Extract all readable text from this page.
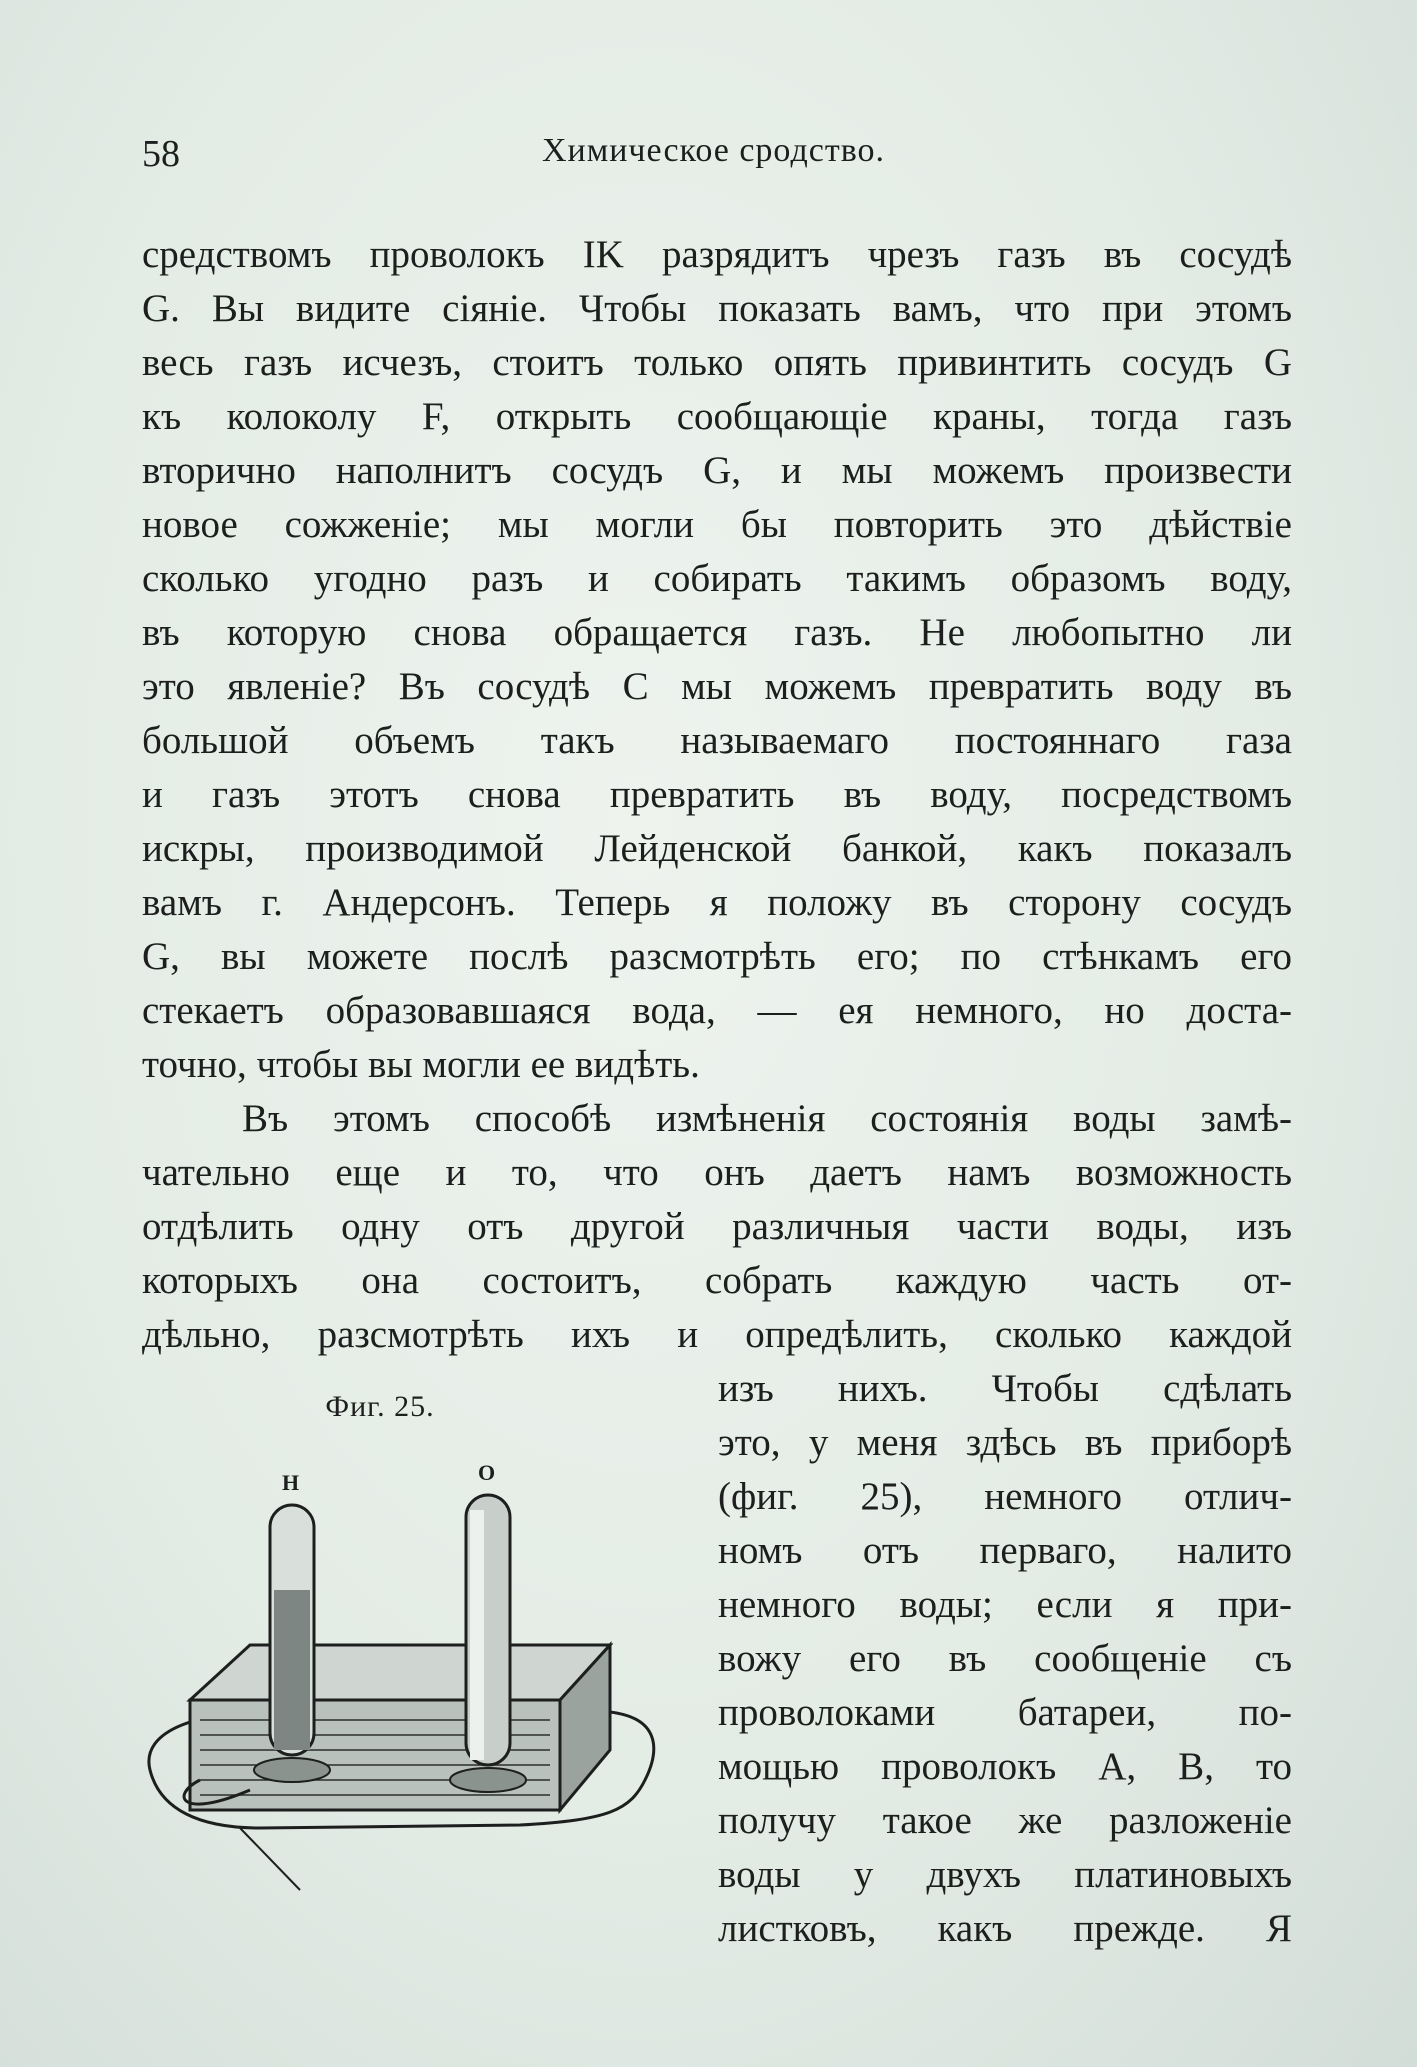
58	Химическое сродство.
средствомъ проволокъ IK разрядитъ чрезъ газъ въ сосудѣ
G. Вы видите сіяніе. Чтобы показать вамъ, что при этомъ
весь газъ исчезъ, стоитъ только опять привинтить сосудъ G
къ колоколу F, открыть сообщающіе краны, тогда газъ
вторично наполнитъ сосудъ G, и мы можемъ произвести
новое сожженіе; мы могли бы повторить это дѣйствіе
сколько угодно разъ и собирать такимъ образомъ воду,
въ которую снова обращается газъ. Не любопытно ли
это явленіе? Въ сосудѣ C мы можемъ превратить воду въ
большой объемъ такъ называемаго постояннаго газа
и газъ этотъ снова превратить въ воду, посредствомъ
искры, производимой Лейденской банкой, какъ показалъ
вамъ г. Андерсонъ. Теперь я положу въ сторону сосудъ
G, вы можете послѣ разсмотрѣть его; по стѣнкамъ его
стекаетъ образовавшаяся вода, — ея немного, но доста-
точно, чтобы вы могли ее видѣть.
Въ этомъ способѣ измѣненія состоянія воды замѣ-
чательно еще и то, что онъ даетъ намъ возможность
отдѣлить одну отъ другой различныя части воды, изъ
которыхъ она состоитъ, собрать каждую часть от-
дѣльно, разсмотрѣть ихъ и опредѣлить, сколько каждой
изъ нихъ. Чтобы сдѣлать
это, у меня здѣсь въ приборѣ
(фиг. 25), немного отлич-
номъ отъ перваго, налито
немного воды; если я при-
вожу его въ сообщеніе съ
проволоками батареи, по-
мощью проволокъ A, B, то
получу такое же разложеніе
воды у двухъ платиновыхъ
листковъ, какъ прежде. Я
Фиг. 25.
H	O
